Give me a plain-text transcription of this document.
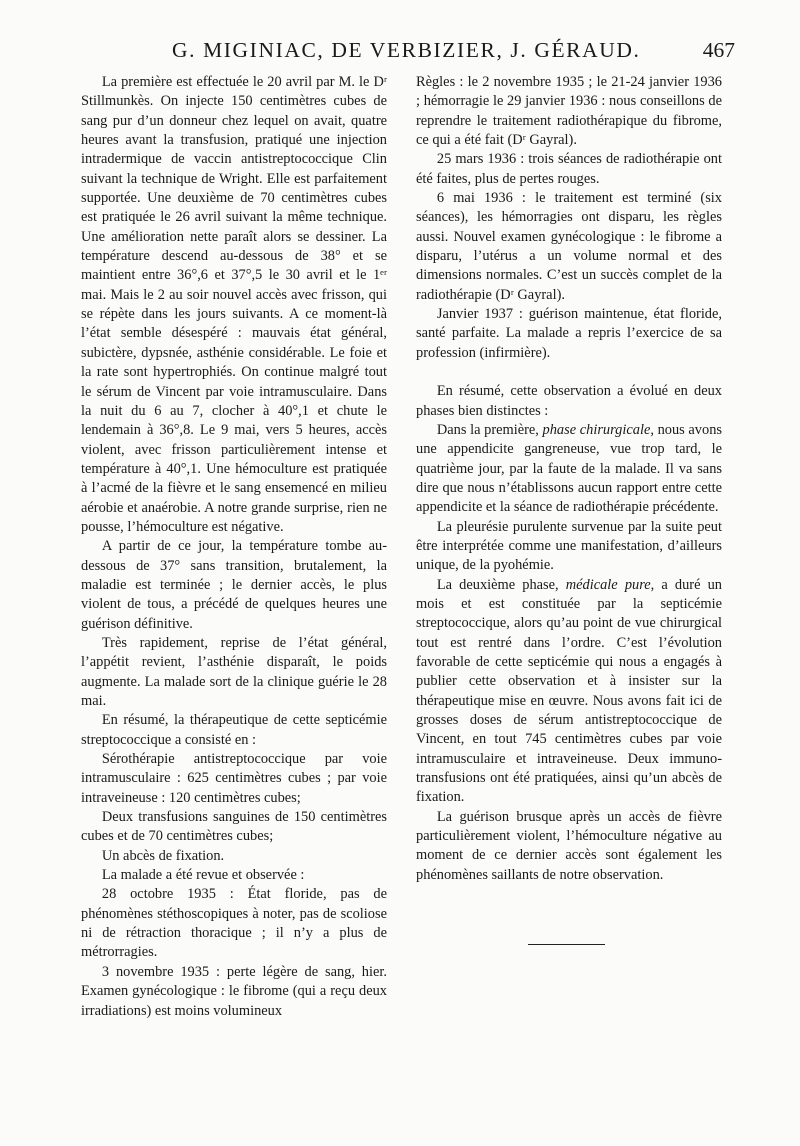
G. MIGINIAC, DE VERBIZIER, J. GÉRAUD.	467

La première est effectuée le 20 avril par M. le Dʳ Stillmunkès. On injecte 150 centimètres cubes de sang pur d’un donneur chez lequel on avait, quatre heures avant la transfusion, pratiqué une injection intradermique de vaccin antistreptococcique Clin suivant la technique de Wright. Elle est parfaitement supportée. Une deuxième de 70 centimètres cubes est pratiquée le 26 avril suivant la même technique. Une amélioration nette paraît alors se dessiner. La température descend au-dessous de 38° et se maintient entre 36°,6 et 37°,5 le 30 avril et le 1ᵉʳ mai. Mais le 2 au soir nouvel accès avec frisson, qui se répète dans les jours suivants. A ce moment-là l’état semble désespéré : mauvais état général, subictère, dypsnée, asthénie considérable. Le foie et la rate sont hypertrophiés. On continue malgré tout le sérum de Vincent par voie intramusculaire. Dans la nuit du 6 au 7, clocher à 40°,1 et chute le lendemain à 36°,8. Le 9 mai, vers 5 heures, accès violent, avec frisson particulièrement intense et température à 40°,1. Une hémoculture est pratiquée à l’acmé de la fièvre et le sang ensemencé en milieu aérobie et anaérobie. A notre grande surprise, rien ne pousse, l’hémoculture est négative.

A partir de ce jour, la température tombe au-dessous de 37° sans transition, brutalement, la maladie est terminée ; le dernier accès, le plus violent de tous, a précédé de quelques heures une guérison définitive.

Très rapidement, reprise de l’état général, l’appétit revient, l’asthénie disparaît, le poids augmente. La malade sort de la clinique guérie le 28 mai.

En résumé, la thérapeutique de cette septicémie streptococcique a consisté en :

Sérothérapie antistreptococcique par voie intramusculaire : 625 centimètres cubes ; par voie intraveineuse : 120 centimètres cubes;

Deux transfusions sanguines de 150 centimètres cubes et de 70 centimètres cubes;

Un abcès de fixation.

La malade a été revue et observée :

28 octobre 1935 : État floride, pas de phénomènes stéthoscopiques à noter, pas de scoliose ni de rétraction thoracique ; il n’y a plus de métrorragies.

3 novembre 1935 : perte légère de sang, hier. Examen gynécologique : le fibrome (qui a reçu deux irradiations) est moins volumineux

Règles : le 2 novembre 1935 ; le 21-24 janvier 1936 ; hémorragie le 29 janvier 1936 : nous conseillons de reprendre le traitement radiothérapique du fibrome, ce qui a été fait (Dʳ Gayral).

25 mars 1936 : trois séances de radiothérapie ont été faites, plus de pertes rouges.

6 mai 1936 : le traitement est terminé (six séances), les hémorragies ont disparu, les règles aussi. Nouvel examen gynécologique : le fibrome a disparu, l’utérus a un volume normal et des dimensions normales. C’est un succès complet de la radiothérapie (Dʳ Gayral).

Janvier 1937 : guérison maintenue, état floride, santé parfaite. La malade a repris l’exercice de sa profession (infirmière).

En résumé, cette observation a évolué en deux phases bien distinctes :

Dans la première, phase chirurgicale, nous avons une appendicite gangreneuse, vue trop tard, le quatrième jour, par la faute de la malade. Il va sans dire que nous n’établissons aucun rapport entre cette appendicite et la séance de radiothérapie précédente.

La pleurésie purulente survenue par la suite peut être interprétée comme une manifestation, d’ailleurs unique, de la pyohémie.

La deuxième phase, médicale pure, a duré un mois et est constituée par la septicémie streptococcique, alors qu’au point de vue chirurgical tout est rentré dans l’ordre. C’est l’évolution favorable de cette septicémie qui nous a engagés à publier cette observation et à insister sur la thérapeutique mise en œuvre. Nous avons fait ici de grosses doses de sérum antistreptococcique de Vincent, en tout 745 centimètres cubes par voie intramusculaire et intraveineuse. Deux immuno-transfusions ont été pratiquées, ainsi qu’un abcès de fixation.

La guérison brusque après un accès de fièvre particulièrement violent, l’hémoculture négative au moment de ce dernier accès sont également les phénomènes saillants de notre observation.
